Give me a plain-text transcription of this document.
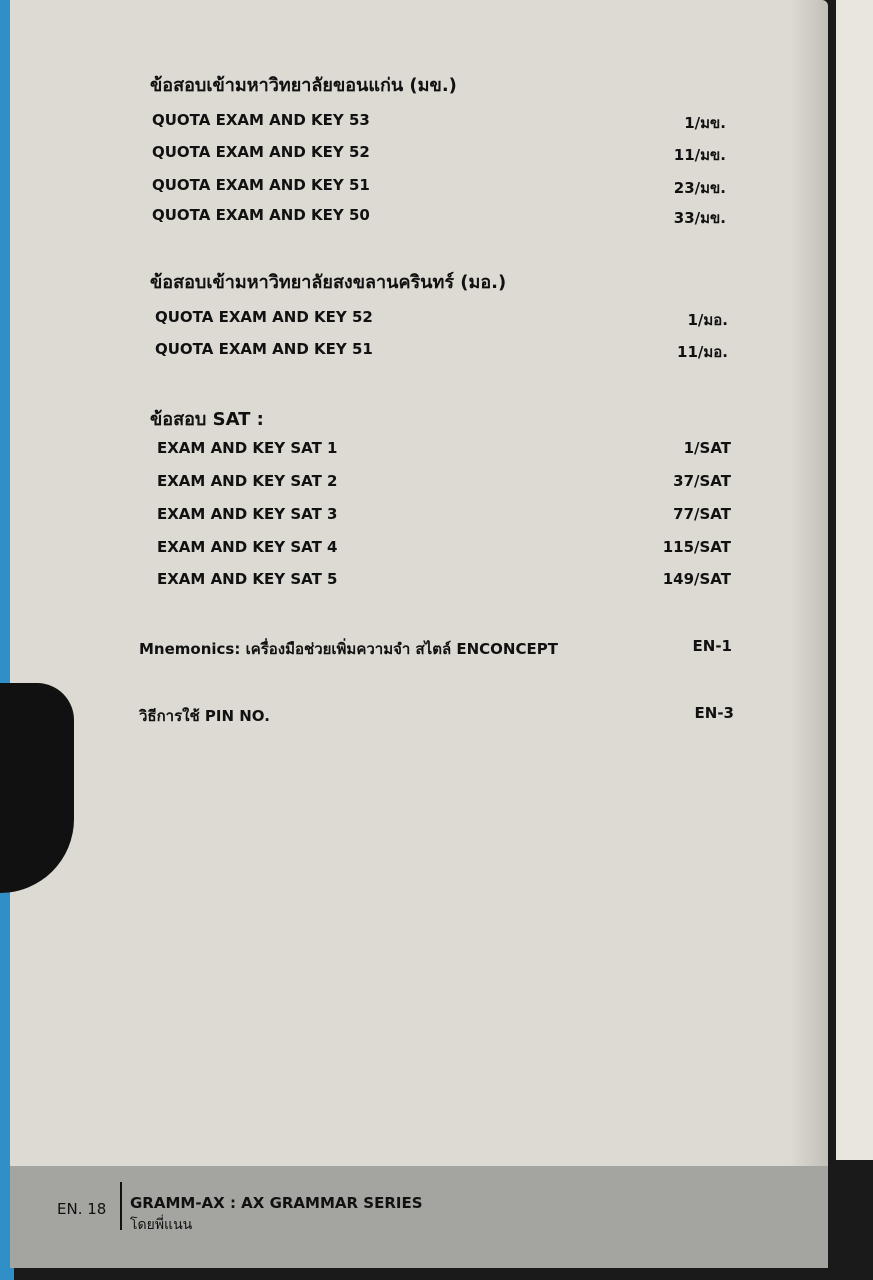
ข้อสอบเข้ามหาวิทยาลัยขอนแก่น (มข.)
QUOTA EXAM AND KEY 53	1/มข.
QUOTA EXAM AND KEY 52	11/มข.
QUOTA EXAM AND KEY 51	23/มข.
QUOTA EXAM AND KEY 50	33/มข.
ข้อสอบเข้ามหาวิทยาลัยสงขลานครินทร์ (มอ.)
QUOTA EXAM AND KEY 52	1/มอ.
QUOTA EXAM AND KEY 51	11/มอ.
ข้อสอบ SAT :
EXAM AND KEY SAT 1	1/SAT
EXAM AND KEY SAT 2	37/SAT
EXAM AND KEY SAT 3	77/SAT
EXAM AND KEY SAT 4	115/SAT
EXAM AND KEY SAT 5	149/SAT
Mnemonics: เครื่องมือช่วยเพิ่มความจำ สไตล์ ENCONCEPT	EN-1
วิธีการใช้ PIN NO.	EN-3
EN. 18 GRAMM-AX : AX GRAMMAR SERIES
โดยพี่แนน
